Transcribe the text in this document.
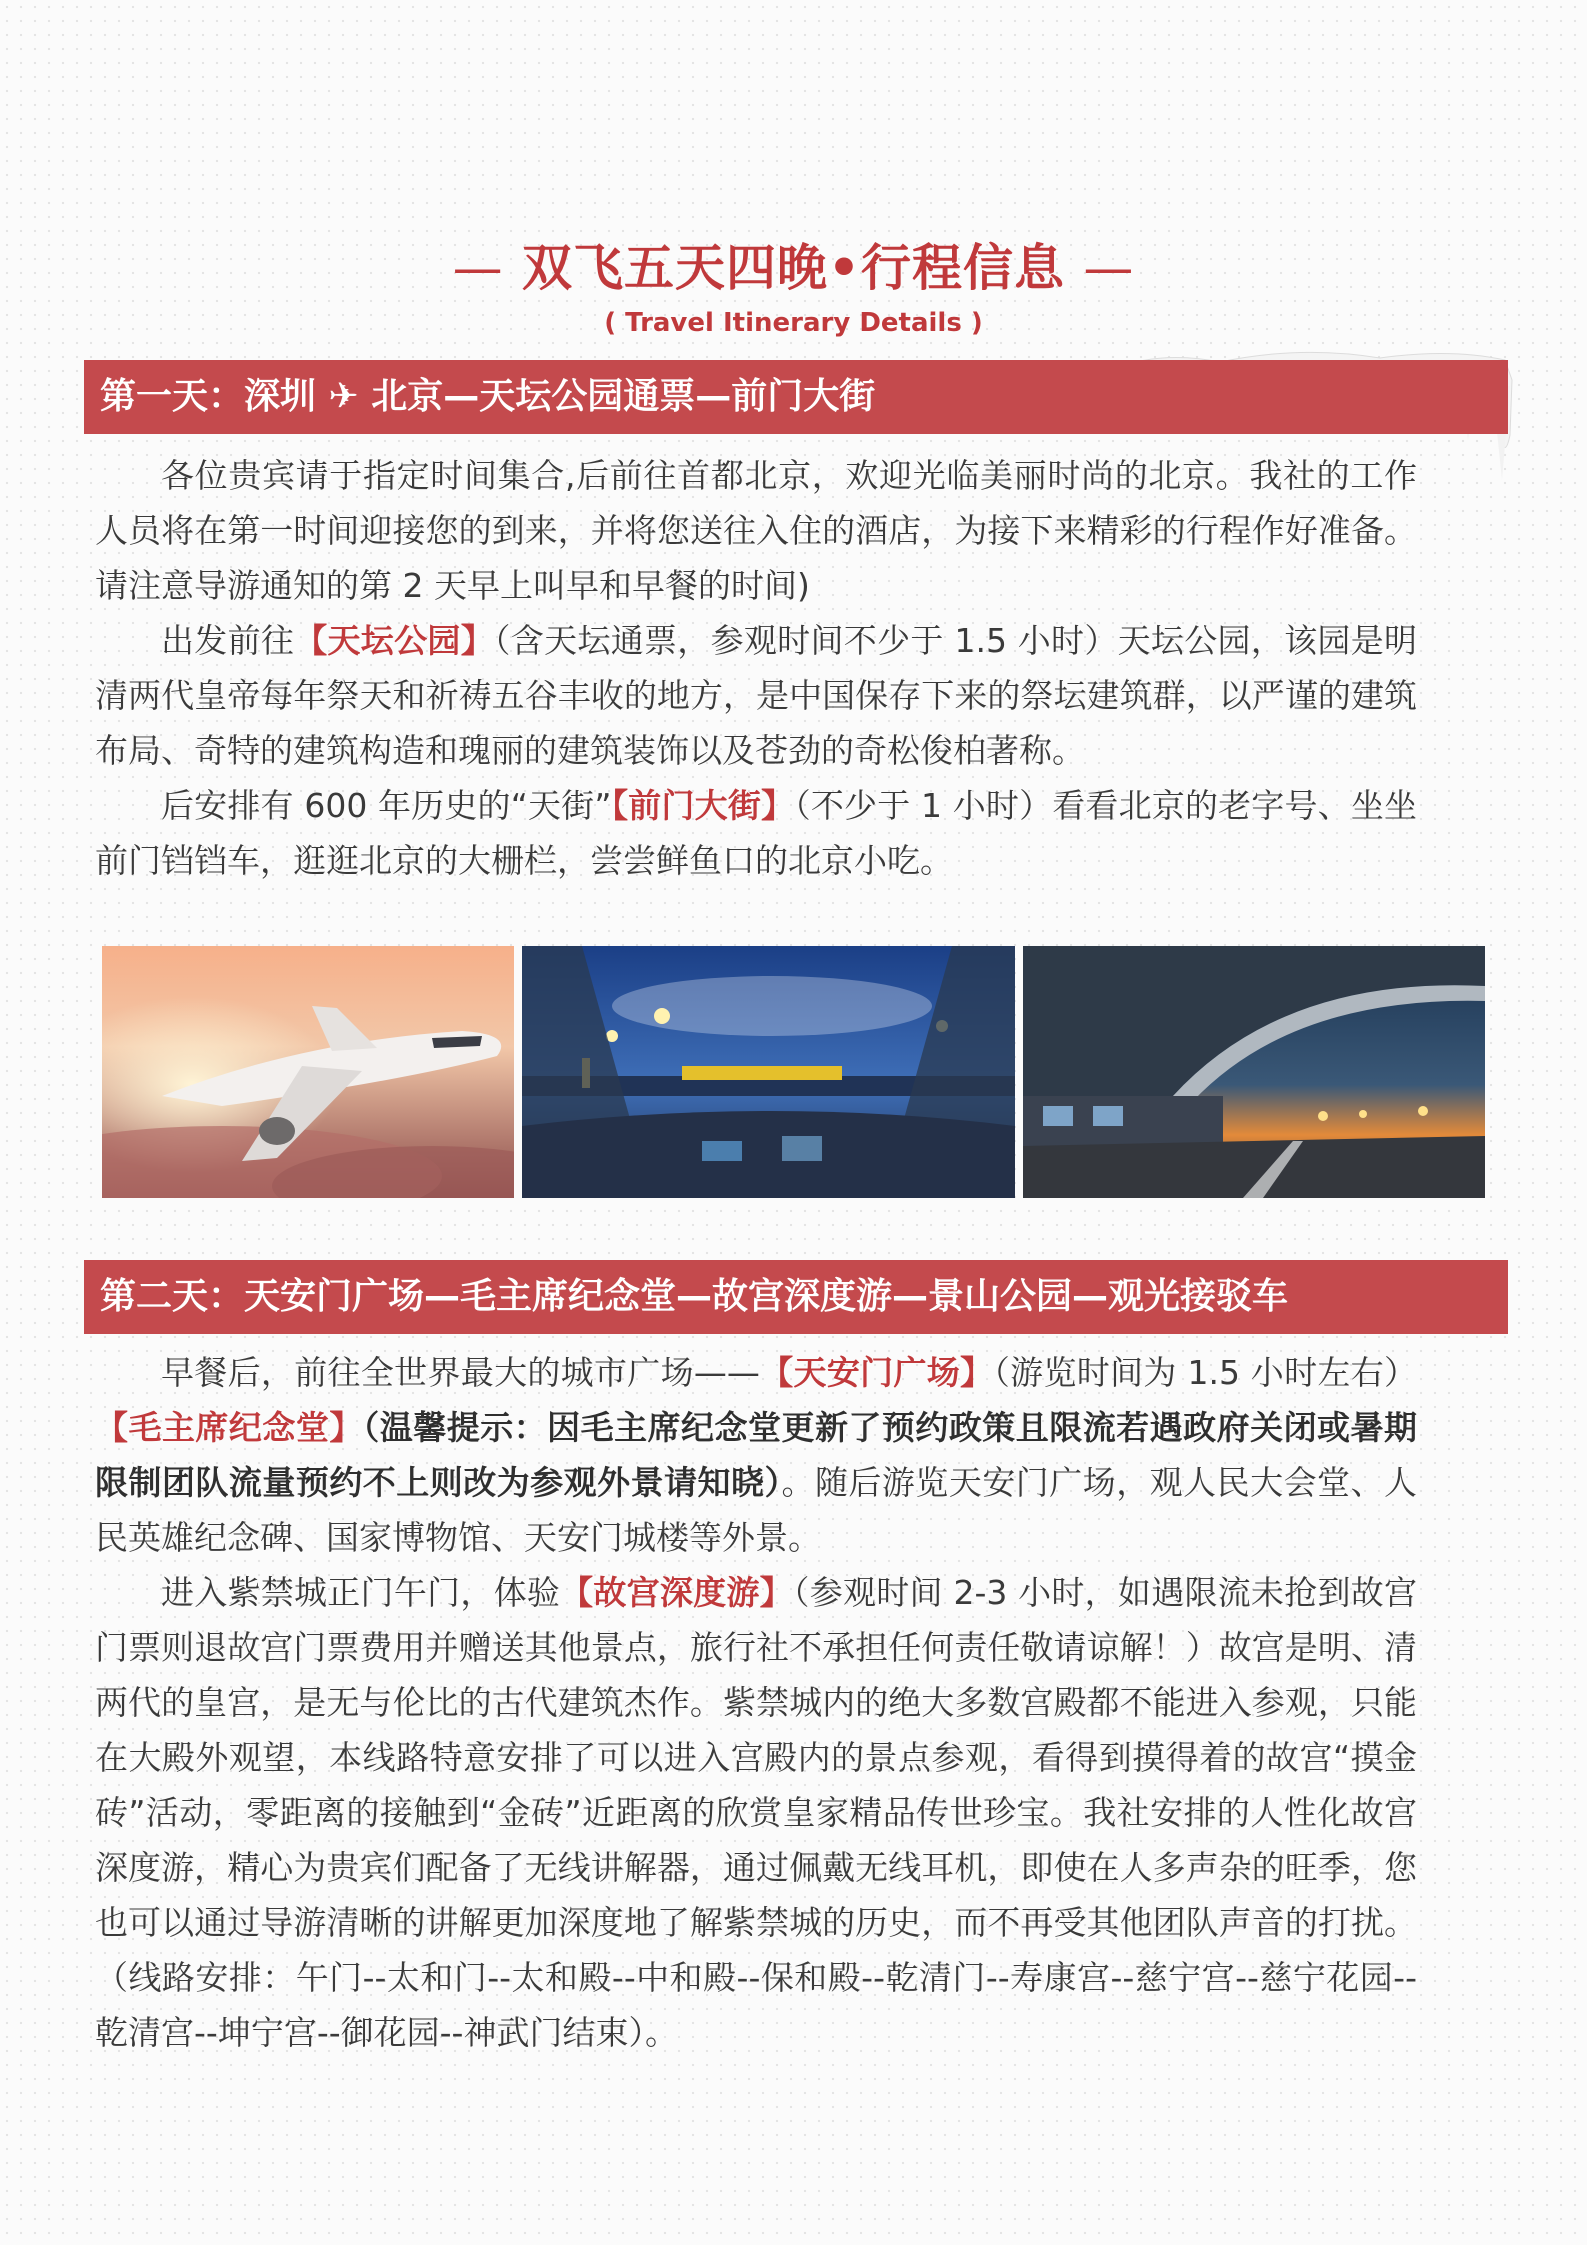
— 双飞五天四晚•行程信息 —
( Travel Itinerary Details )
第一天：深圳 ✈ 北京—天坛公园通票—前门大街

各位贵宾请于指定时间集合,后前往首都北京，欢迎光临美丽时尚的北京。我社的工作人员将在第一时间迎接您的到来，并将您送往入住的酒店，为接下来精彩的行程作好准备。请注意导游通知的第 2 天早上叫早和早餐的时间)

出发前往【天坛公园】（含天坛通票，参观时间不少于 1.5 小时）天坛公园，该园是明清两代皇帝每年祭天和祈祷五谷丰收的地方，是中国保存下来的祭坛建筑群，以严谨的建筑布局、奇特的建筑构造和瑰丽的建筑装饰以及苍劲的奇松俊柏著称。

后安排有 600 年历史的“天街”【前门大街】（不少于 1 小时）看看北京的老字号、坐坐前门铛铛车，逛逛北京的大栅栏，尝尝鲜鱼口的北京小吃。

第二天：天安门广场—毛主席纪念堂—故宫深度游—景山公园—观光接驳车

早餐后，前往全世界最大的城市广场——【天安门广场】（游览时间为 1.5 小时左右）【毛主席纪念堂】（温馨提示：因毛主席纪念堂更新了预约政策且限流若遇政府关闭或暑期限制团队流量预约不上则改为参观外景请知晓）。随后游览天安门广场，观人民大会堂、人民英雄纪念碑、国家博物馆、天安门城楼等外景。

进入紫禁城正门午门，体验【故宫深度游】（参观时间 2-3 小时，如遇限流未抢到故宫门票则退故宫门票费用并赠送其他景点，旅行社不承担任何责任敬请谅解！）故宫是明、清两代的皇宫，是无与伦比的古代建筑杰作。紫禁城内的绝大多数宫殿都不能进入参观，只能在大殿外观望，本线路特意安排了可以进入宫殿内的景点参观，看得到摸得着的故宫“摸金砖”活动，零距离的接触到“金砖”近距离的欣赏皇家精品传世珍宝。我社安排的人性化故宫深度游，精心为贵宾们配备了无线讲解器，通过佩戴无线耳机，即使在人多声杂的旺季，您也可以通过导游清晰的讲解更加深度地了解紫禁城的历史，而不再受其他团队声音的打扰。（线路安排：午门--太和门--太和殿--中和殿--保和殿--乾清门--寿康宫--慈宁宫--慈宁花园--乾清宫--坤宁宫--御花园--神武门结束）。
